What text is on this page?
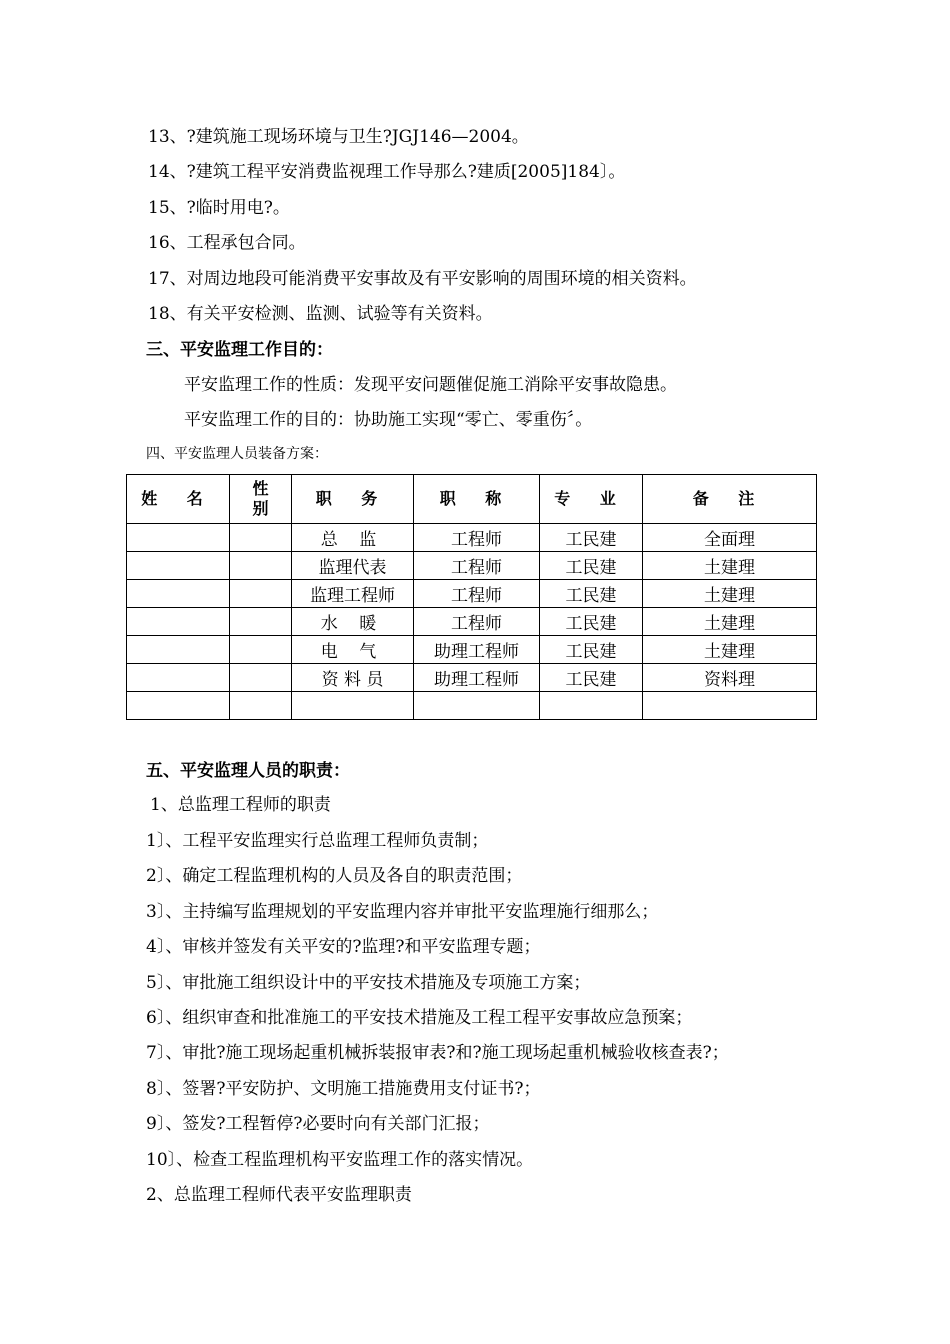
13、?建筑施工现场环境与卫生?JGJ146—2004。
14、?建筑工程平安消费监视理工作导那么?建质[2005]184〕。
15、?临时用电?。
16、工程承包合同。
17、对周边地段可能消费平安事故及有平安影响的周围环境的相关资料。
18、有关平安检测、监测、试验等有关资料。
三、平安监理工作目的：
平安监理工作的性质：发现平安问题催促施工消除平安事故隐患。
平安监理工作的目的：协助施工实现“零亡、零重伤〞。
四、平安监理人员装备方案：
姓 名	性别	职 务	职 称	专 业	备 注
		总 监	工程师	工民建	全面理
		监理代表	工程师	工民建	土建理
		监理工程师	工程师	工民建	土建理
		水 暖	工程师	工民建	土建理
		电 气	助理工程师	工民建	土建理
		资 料 员	助理工程师	工民建	资料理

五、平安监理人员的职责：
1、总监理工程师的职责
1〕、工程平安监理实行总监理工程师负责制；
2〕、确定工程监理机构的人员及各自的职责范围；
3〕、主持编写监理规划的平安监理内容并审批平安监理施行细那么；
4〕、审核并签发有关平安的?监理?和平安监理专题；
5〕、审批施工组织设计中的平安技术措施及专项施工方案；
6〕、组织审查和批准施工的平安技术措施及工程工程平安事故应急预案；
7〕、审批?施工现场起重机械拆装报审表?和?施工现场起重机械验收核查表?；
8〕、签署?平安防护、文明施工措施费用支付证书?；
9〕、签发?工程暂停?必要时向有关部门汇报；
10〕、检查工程监理机构平安监理工作的落实情况。
2、总监理工程师代表平安监理职责
